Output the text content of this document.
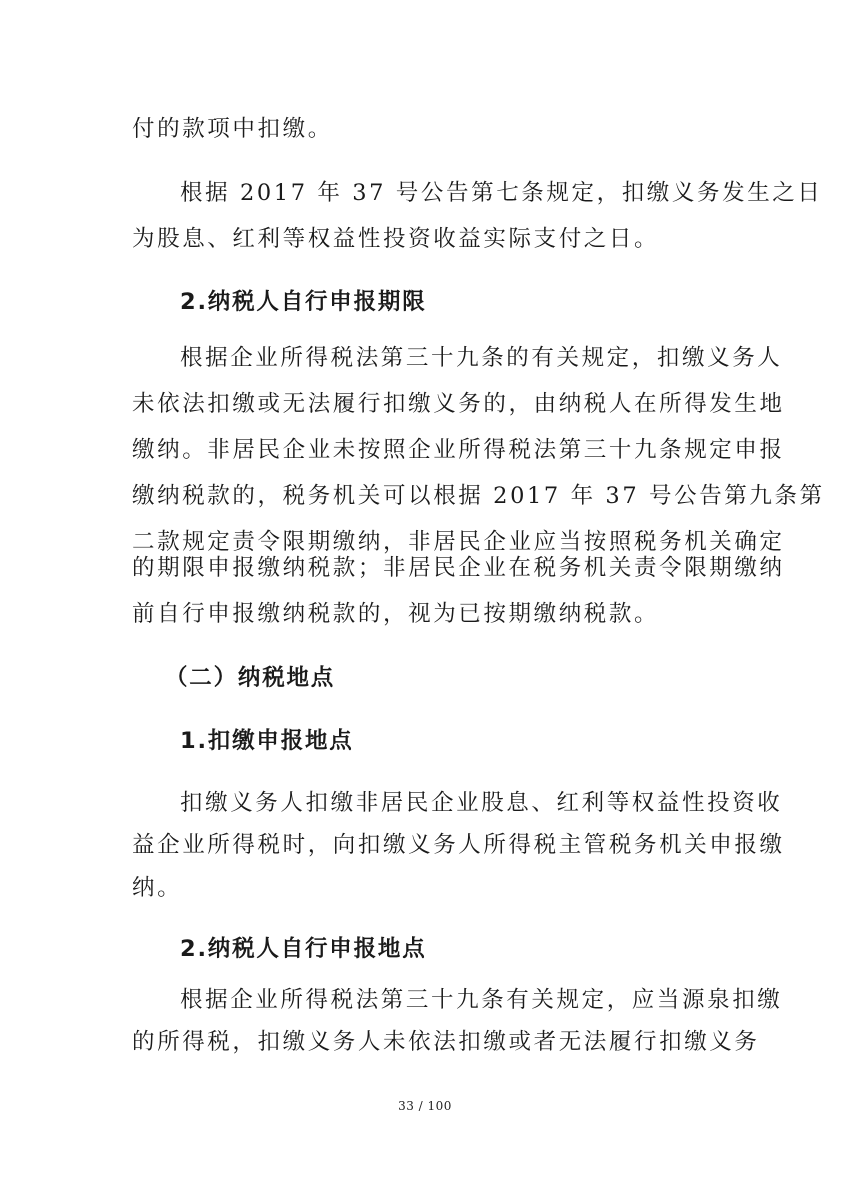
付的款项中扣缴。

根据 2017 年 37 号公告第七条规定，扣缴义务发生之日

为股息、红利等权益性投资收益实际支付之日。

2.纳税人自行申报期限

根据企业所得税法第三十九条的有关规定，扣缴义务人

未依法扣缴或无法履行扣缴义务的，由纳税人在所得发生地

缴纳。非居民企业未按照企业所得税法第三十九条规定申报

缴纳税款的，税务机关可以根据 2017 年 37 号公告第九条第

二款规定责令限期缴纳，非居民企业应当按照税务机关确定

的期限申报缴纳税款；非居民企业在税务机关责令限期缴纳

前自行申报缴纳税款的，视为已按期缴纳税款。

（二）纳税地点

1.扣缴申报地点

扣缴义务人扣缴非居民企业股息、红利等权益性投资收

益企业所得税时，向扣缴义务人所得税主管税务机关申报缴

纳。

2.纳税人自行申报地点

根据企业所得税法第三十九条有关规定，应当源泉扣缴

的所得税，扣缴义务人未依法扣缴或者无法履行扣缴义务

33 / 100
